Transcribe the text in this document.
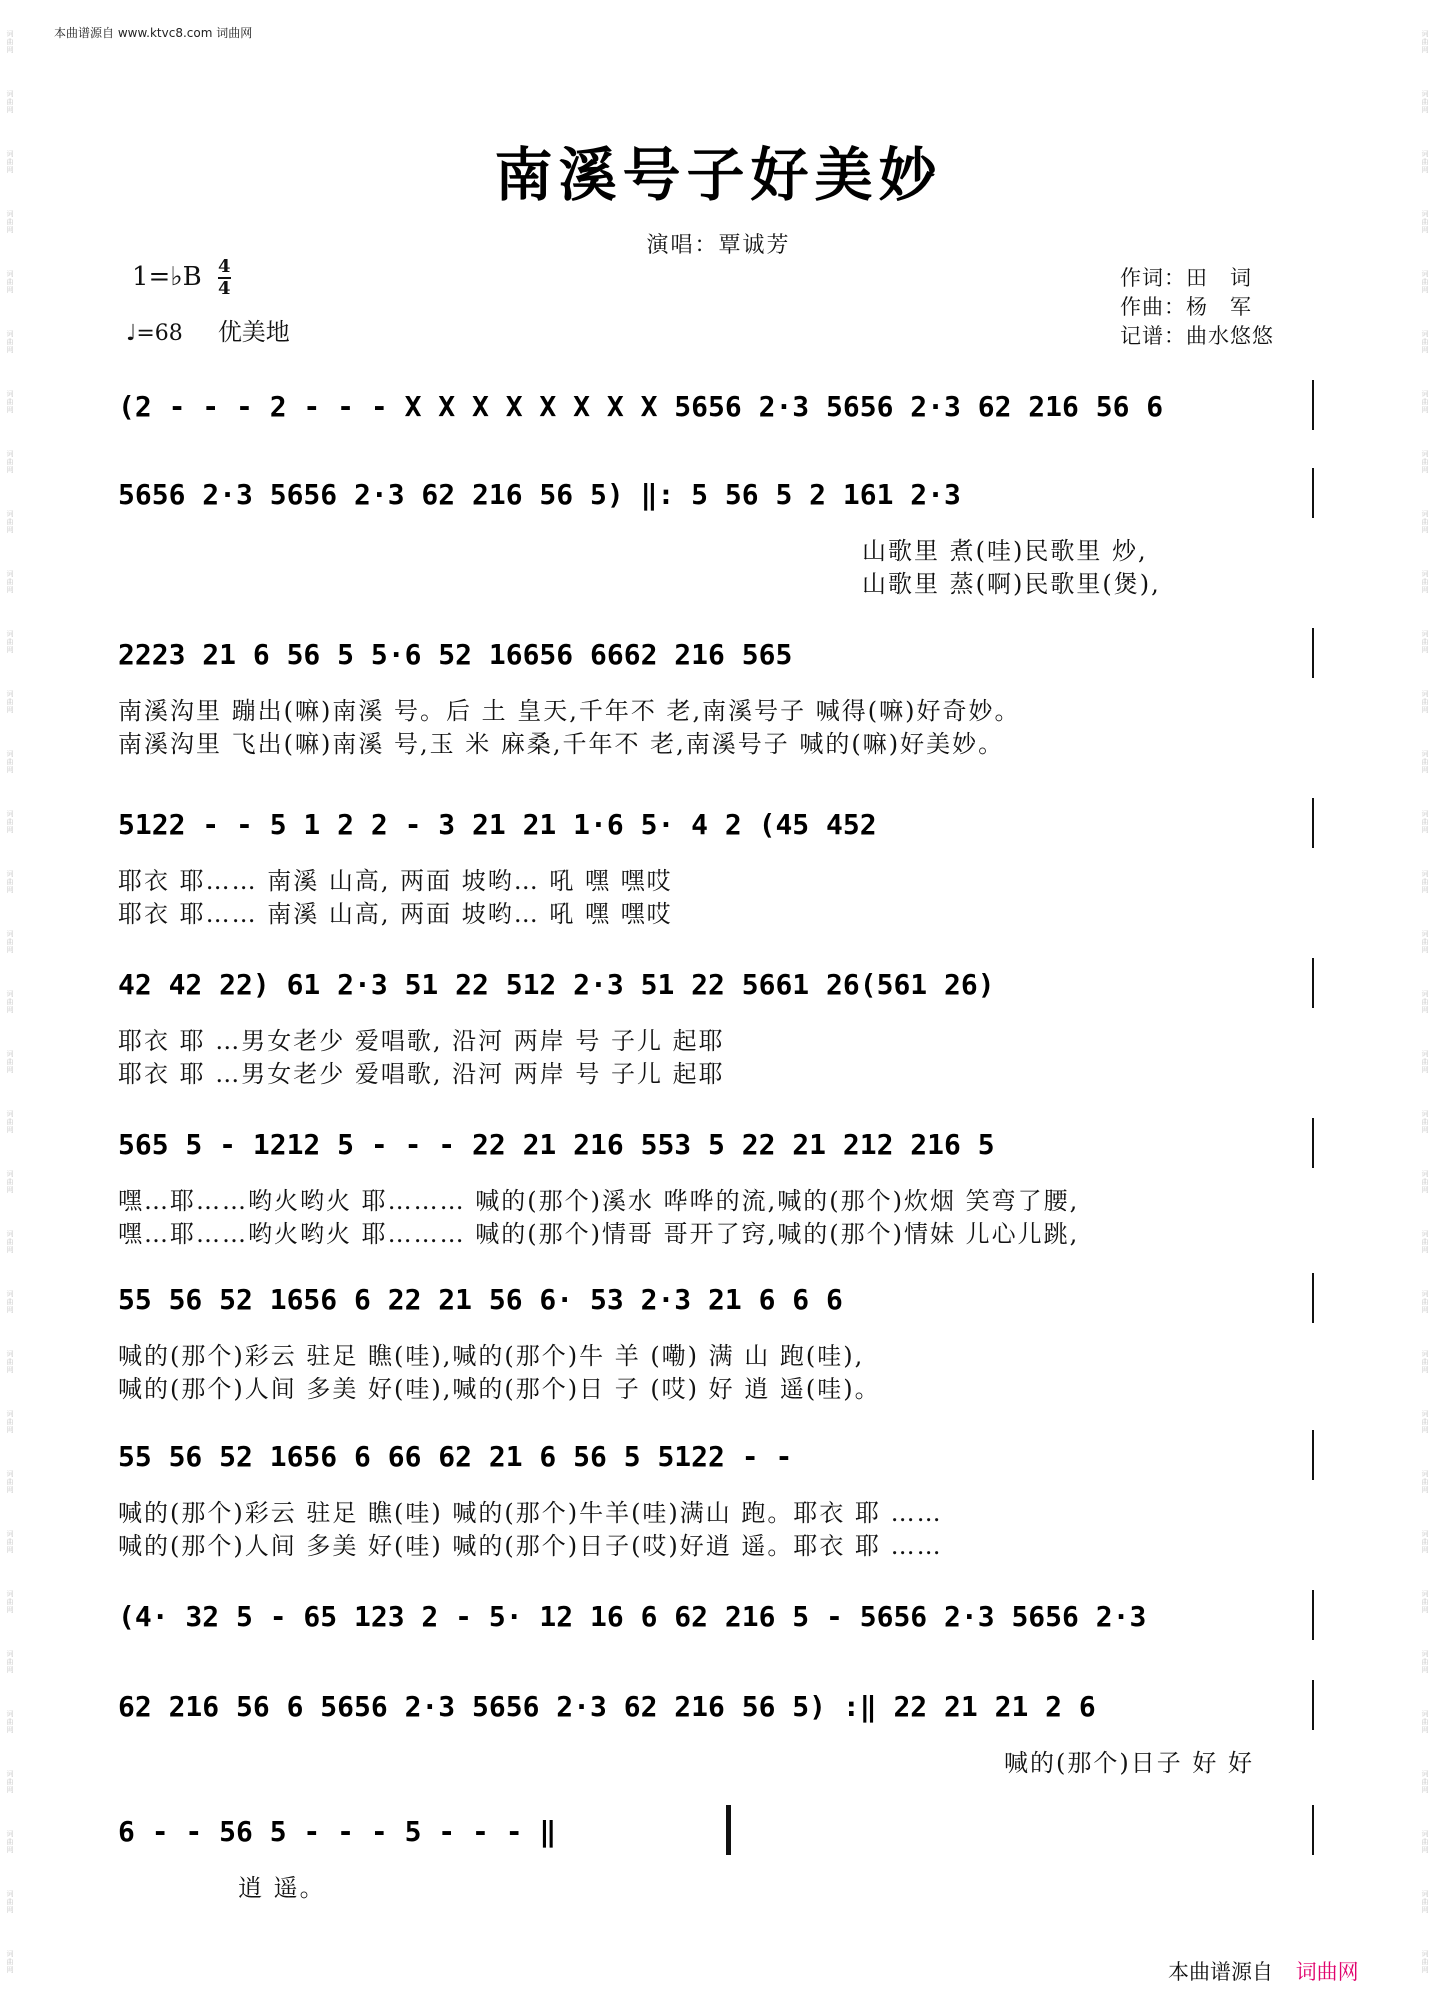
词
曲
网
词
曲
网
词
曲
网
词
曲
网
词
曲
网
词
曲
网
词
曲
网
词
曲
网
词
曲
网
词
曲
网
词
曲
网
词
曲
网
词
曲
网
词
曲
网
词
曲
网
词
曲
网
词
曲
网
词
曲
网
词
曲
网
词
曲
网
词
曲
网
词
曲
网
词
曲
网
词
曲
网
词
曲
网
词
曲
网
词
曲
网
词
曲
网
词
曲
网
词
曲
网
词
曲
网
词
曲
网
词
曲
网
词
曲
网
词
曲
网
词
曲
网
词
曲
网
词
曲
网
词
曲
网
词
曲
网
词
曲
网
词
曲
网
词
曲
网
词
曲
网
词
曲
网
词
曲
网
词
曲
网
词
曲
网
词
曲
网
词
曲
网
词
曲
网
词
曲
网
词
曲
网
词
曲
网
词
曲
网
词
曲
网
词
曲
网
词
曲
网
词
曲
网
词
曲
网
词
曲
网
词
曲
网
词
曲
网
词
曲
网
词
曲
网
词
曲
网
本曲谱源自 www.ktvc8.com 词曲网
南溪号子好美妙
演唱：覃诚芳
1=♭B $\frac{4}{4}$
♩=68 优美地
作词：田　词
作曲：杨　军
记谱：曲水悠悠
(2 - - - 2 - - - X X X X X X X X 5656 2·3 5656 2·3 62 216 56 6
5656 2·3 5656 2·3 62 216 56 5) ‖: 5 56 5 2 161 2·3
山歌里 煮(哇)民歌里 炒,
山歌里 蒸(啊)民歌里(煲),
2223 21 6 56 5 5·6 52 16656 6662 216 565
南溪沟里 蹦出(嘛)南溪 号。后 土 皇天,千年不 老,南溪号子 喊得(嘛)好奇妙。
南溪沟里 飞出(嘛)南溪 号,玉 米 麻桑,千年不 老,南溪号子 喊的(嘛)好美妙。
5122 - - 5 1 2 2 - 3 21 21 1·6 5· 4 2 (45 452
耶衣 耶…… 南溪 山高, 两面 坡哟… 吼 嘿 嘿哎
耶衣 耶…… 南溪 山高, 两面 坡哟… 吼 嘿 嘿哎
42 42 22) 61 2·3 51 22 512 2·3 51 22 5661 26(561 26)
耶衣 耶 …男女老少 爱唱歌, 沿河 两岸 号 子儿 起耶
耶衣 耶 …男女老少 爱唱歌, 沿河 两岸 号 子儿 起耶
565 5 - 1212 5 - - - 22 21 216 553 5 22 21 212 216 5
嘿…耶……哟火哟火 耶……… 喊的(那个)溪水 哗哗的流,喊的(那个)炊烟 笑弯了腰,
嘿…耶……哟火哟火 耶……… 喊的(那个)情哥 哥开了窍,喊的(那个)情妹 儿心儿跳,
55 56 52 1656 6 22 21 56 6· 53 2·3 21 6 6 6
喊的(那个)彩云 驻足 瞧(哇),喊的(那个)牛 羊 (嘞) 满 山 跑(哇),
喊的(那个)人间 多美 好(哇),喊的(那个)日 子 (哎) 好 逍 遥(哇)。
55 56 52 1656 6 66 62 21 6 56 5 5122 - -
喊的(那个)彩云 驻足 瞧(哇) 喊的(那个)牛羊(哇)满山 跑。耶衣 耶 ……
喊的(那个)人间 多美 好(哇) 喊的(那个)日子(哎)好逍 遥。耶衣 耶 ……
(4· 32 5 - 65 123 2 - 5· 12 16 6 62 216 5 - 5656 2·3 5656 2·3
62 216 56 6 5656 2·3 5656 2·3 62 216 56 5) :‖ 22 21 21 2 6
喊的(那个)日子 好 好
6 - - 56 5 - - - 5 - - - ‖
逍 遥。
本曲谱源自 词曲网
